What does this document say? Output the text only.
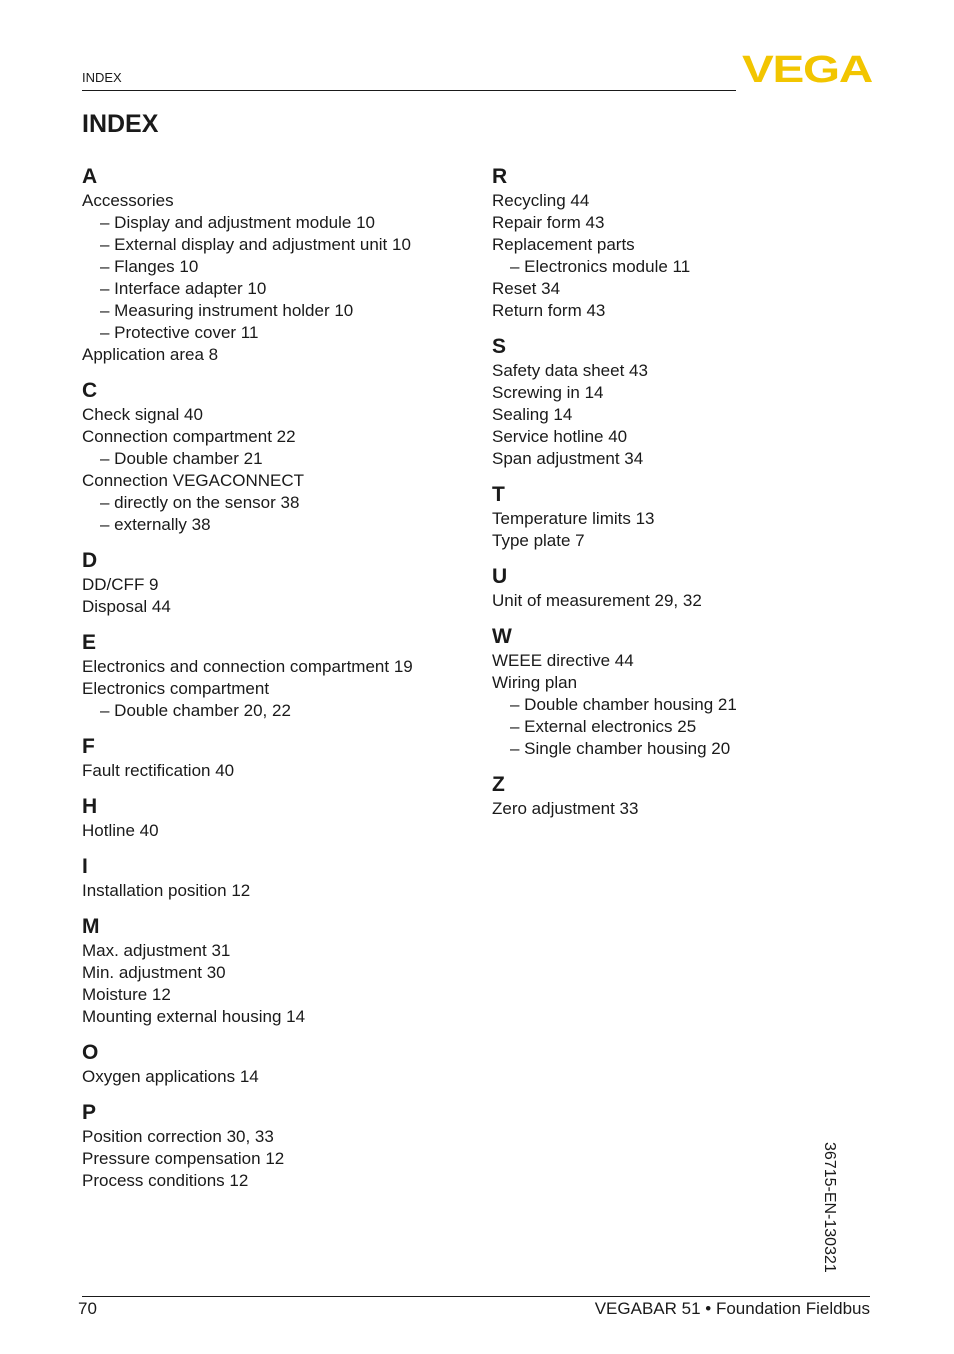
INDEX	VEGA
INDEX
A
Accessories
– Display and adjustment module 10
– External display and adjustment unit 10
– Flanges 10
– Interface adapter 10
– Measuring instrument holder 10
– Protective cover 11
Application area 8
C
Check signal 40
Connection compartment 22
– Double chamber 21
Connection VEGACONNECT
– directly on the sensor 38
– externally 38
D
DD/CFF 9
Disposal 44
E
Electronics and connection compartment 19
Electronics compartment
– Double chamber 20, 22
F
Fault rectification 40
H
Hotline 40
I
Installation position 12
M
Max. adjustment 31
Min. adjustment 30
Moisture 12
Mounting external housing 14
O
Oxygen applications 14
P
Position correction 30, 33
Pressure compensation 12
Process conditions 12
R
Recycling 44
Repair form 43
Replacement parts
– Electronics module 11
Reset 34
Return form 43
S
Safety data sheet 43
Screwing in 14
Sealing 14
Service hotline 40
Span adjustment 34
T
Temperature limits 13
Type plate 7
U
Unit of measurement 29, 32
W
WEEE directive 44
Wiring plan
– Double chamber housing 21
– External electronics 25
– Single chamber housing 20
Z
Zero adjustment 33
36715-EN-130321
70	VEGABAR 51 • Foundation Fieldbus
